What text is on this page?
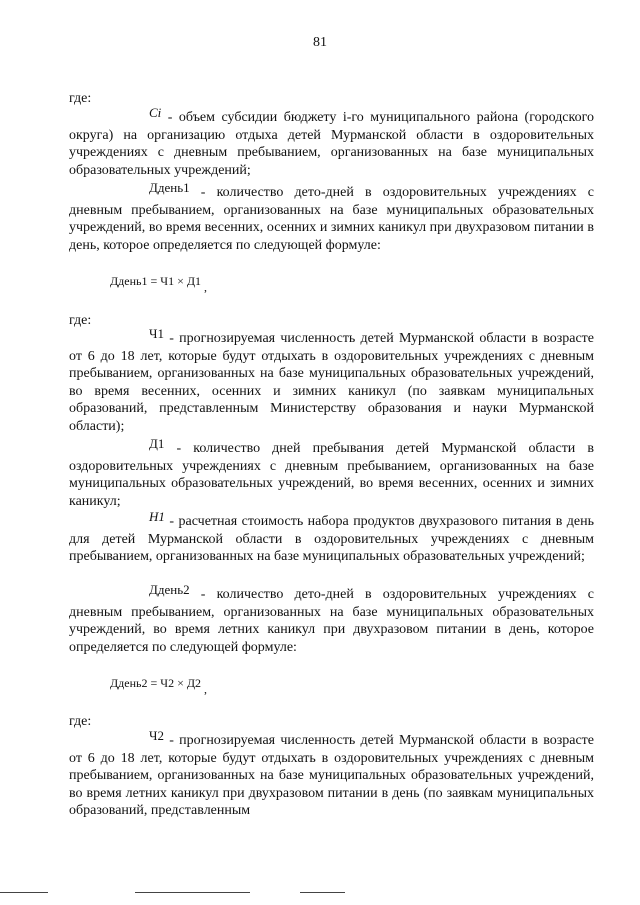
81
где:
Ci - объем субсидии бюджету i-го муниципального района (городского округа) на организацию отдыха детей Мурманской области в оздоровительных учреждениях с дневным пребыванием, организованных на базе муниципальных образовательных учреждений;
Ддень1 - количество дето-дней в оздоровительных учреждениях с дневным пребыванием, организованных на базе муниципальных образовательных учреждений, во время весенних, осенних и зимних каникул при двухразовом питании в день, которое определяется по следующей формуле:
Ддень1 = Ч1 × Д1 ,
где:
Ч1 - прогнозируемая численность детей Мурманской области в возрасте от 6 до 18 лет, которые будут отдыхать в оздоровительных учреждениях с дневным пребыванием, организованных на базе муниципальных образовательных учреждений, во время весенних, осенних и зимних каникул (по заявкам муниципальных образований, представленным Министерству образования и науки Мурманской области);
Д1 - количество дней пребывания детей Мурманской области в оздоровительных учреждениях с дневным пребыванием, организованных на базе муниципальных образовательных учреждений, во время весенних, осенних и зимних каникул;
Н1 - расчетная стоимость набора продуктов двухразового питания в день для детей Мурманской области в оздоровительных учреждениях с дневным пребыванием, организованных на базе муниципальных образовательных учреждений;
Ддень2 - количество дето-дней в оздоровительных учреждениях с дневным пребыванием, организованных на базе муниципальных образовательных учреждений, во время летних каникул при двухразовом питании в день, которое определяется по следующей формуле:
Ддень2 = Ч2 × Д2 ,
где:
Ч2 - прогнозируемая численность детей Мурманской области в возрасте от 6 до 18 лет, которые будут отдыхать в оздоровительных учреждениях с дневным пребыванием, организованных на базе муниципальных образовательных учреждений, во время летних каникул при двухразовом питании в день (по заявкам муниципальных образований, представленным
